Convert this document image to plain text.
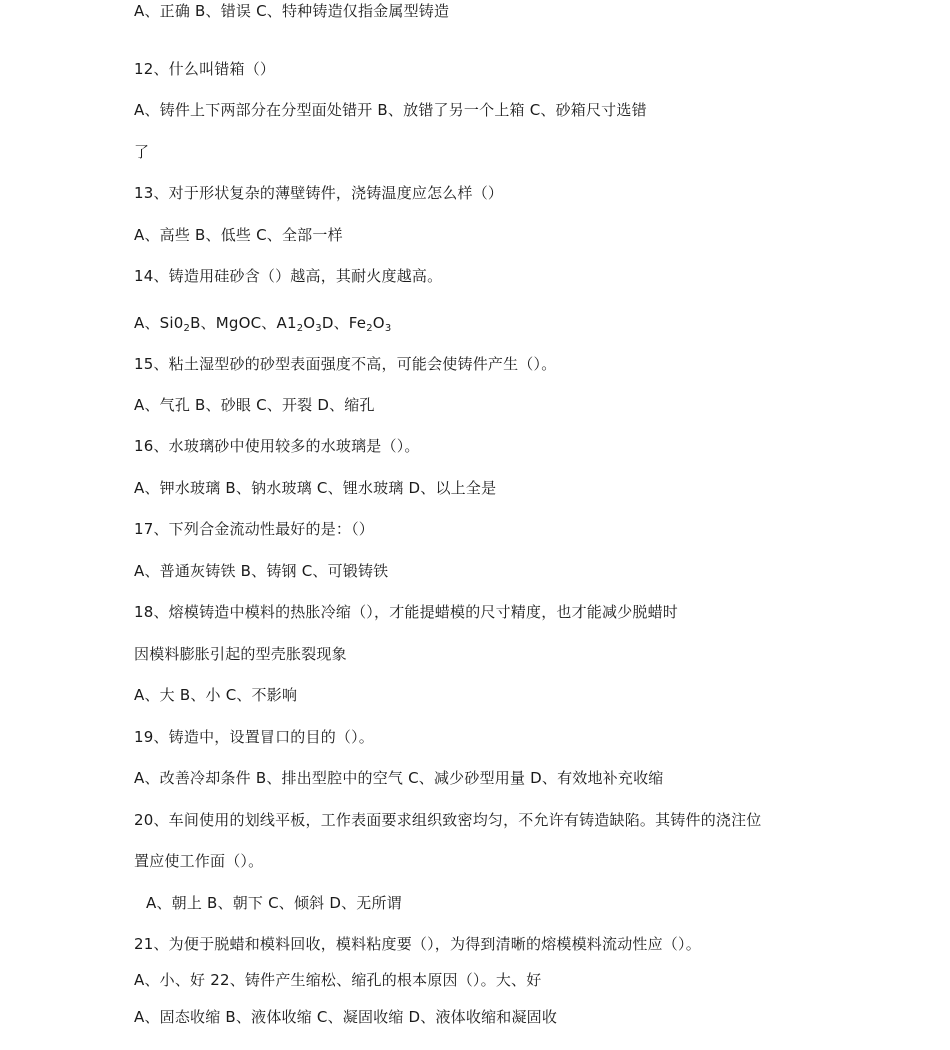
A、正确 B、错误 C、特种铸造仅指金属型铸造
12、什么叫错箱（）
A、铸件上下两部分在分型面处错开 B、放错了另一个上箱 C、砂箱尺寸选错
了
13、对于形状复杂的薄壁铸件，浇铸温度应怎么样（）
A、高些 B、低些 C、全部一样
14、铸造用硅砂含（）越高，其耐火度越高。
A、$Si0_2B$、MgOC、$A1_2O_3D$、$Fe_2O_3$
15、粘土湿型砂的砂型表面强度不高，可能会使铸件产生（）。
A、气孔 B、砂眼 C、开裂 D、缩孔
16、水玻璃砂中使用较多的水玻璃是（）。
A、钾水玻璃 B、钠水玻璃 C、锂水玻璃 D、以上全是
17、下列合金流动性最好的是：（）
A、普通灰铸铁 B、铸钢 C、可锻铸铁
18、熔模铸造中模料的热胀冷缩（），才能提蜡模的尺寸精度，也才能减少脱蜡时
因模料膨胀引起的型壳胀裂现象
A、大 B、小 C、不影响
19、铸造中，设置冒口的目的（）。
A、改善冷却条件 B、排出型腔中的空气 C、减少砂型用量 D、有效地补充收缩
20、车间使用的划线平板，工作表面要求组织致密均匀，不允许有铸造缺陷。其铸件的浇注位
置应使工作面（）。
A、朝上 B、朝下 C、倾斜 D、无所谓
21、为便于脱蜡和模料回收，模料粘度要（），为得到清晰的熔模模料流动性应（）。
A、小、好 22、铸件产生缩松、缩孔的根本原因（）。大、好
A、固态收缩 B、液体收缩 C、凝固收缩 D、液体收缩和凝固收
